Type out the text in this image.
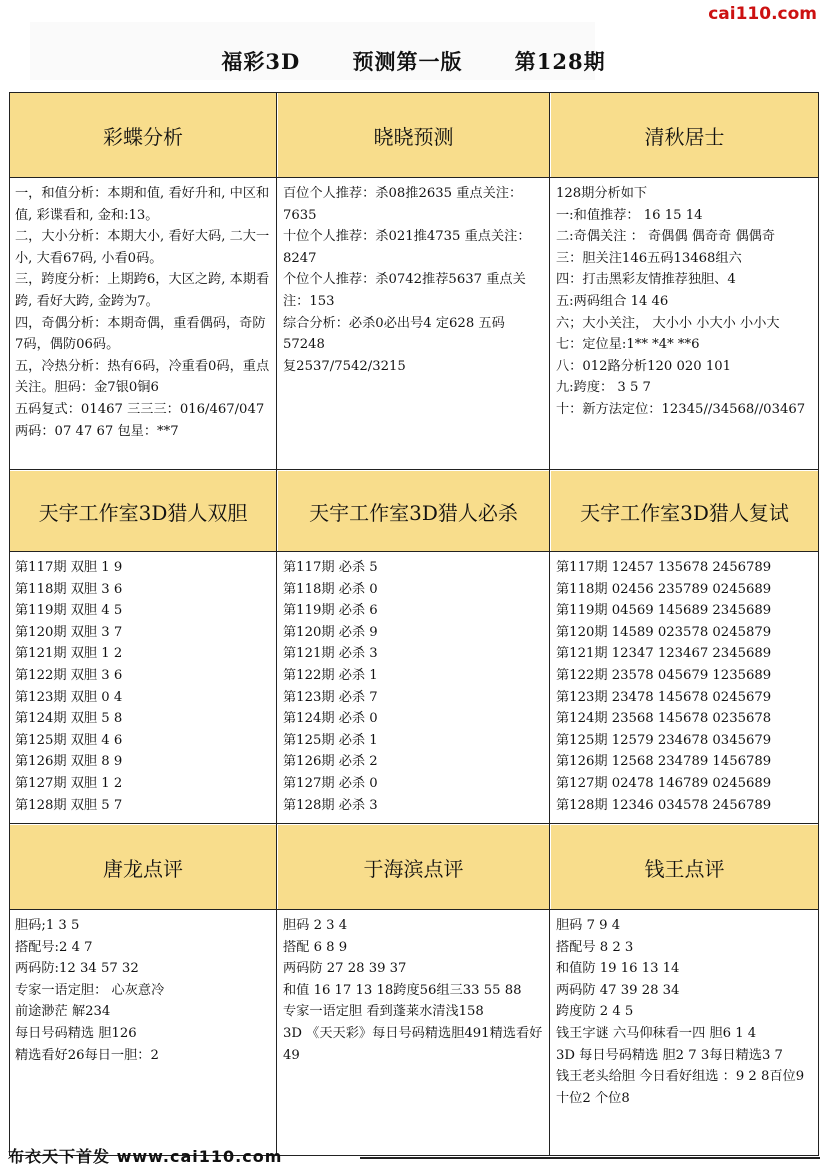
cai110.com
福彩3D 预测第一版 第128期
彩蝶分析
一，和值分析：本期和值, 看好升和, 中区和值, 彩谍看和, 金和:13。
二，大小分析：本期大小, 看好大码, 二大一小, 大看67码, 小看0码。
三，跨度分析：上期跨6，大区之跨, 本期看跨, 看好大跨, 金跨为7。
四，奇偶分析：本期奇偶，重看偶码，奇防7码，偶防06码。
五，冷热分析：热有6码，冷重看0码，重点关注。胆码：金7银0铜6
五码复式：01467 三三三：016/467/047 两码：07 47 67 包星：**7
晓晓预测
百位个人推荐：杀08推2635 重点关注：7635
十位个人推荐：杀021推4735 重点关注：8247
个位个人推荐：杀0742推荐5637 重点关注：153
综合分析：必杀0必出号4 定628 五码57248
复2537/7542/3215
清秋居士
128期分析如下
一:和值推荐： 16 15 14
二:奇偶关注 ： 奇偶偶 偶奇奇 偶偶奇
三：胆关注146五码13468组六
四：打击黑彩友情推荐独胆、4
五:两码组合 14 46
六；大小关注， 大小小 小大小 小小大
七：定位星:1** *4* **6
八：012路分析120 020 101
九:跨度： 3 5 7
十：新方法定位：12345//34568//03467
天宇工作室3D猎人双胆
第117期 双胆 1 9
第118期 双胆 3 6
第119期 双胆 4 5
第120期 双胆 3 7
第121期 双胆 1 2
第122期 双胆 3 6
第123期 双胆 0 4
第124期 双胆 5 8
第125期 双胆 4 6
第126期 双胆 8 9
第127期 双胆 1 2
第128期 双胆 5 7
天宇工作室3D猎人必杀
第117期 必杀 5
第118期 必杀 0
第119期 必杀 6
第120期 必杀 9
第121期 必杀 3
第122期 必杀 1
第123期 必杀 7
第124期 必杀 0
第125期 必杀 1
第126期 必杀 2
第127期 必杀 0
第128期 必杀 3
天宇工作室3D猎人复试
第117期 12457 135678 2456789
第118期 02456 235789 0245689
第119期 04569 145689 2345689
第120期 14589 023578 0245879
第121期 12347 123467 2345689
第122期 23578 045679 1235689
第123期 23478 145678 0245679
第124期 23568 145678 0235678
第125期 12579 234678 0345679
第126期 12568 234789 1456789
第127期 02478 146789 0245689
第128期 12346 034578 2456789
唐龙点评
胆码;1 3 5
搭配号:2 4 7
两码防:12 34 57 32
专家一语定胆： 心灰意冷
前途渺茫 解234
每日号码精选 胆126
精选看好26每日一胆：2
于海滨点评
胆码 2 3 4
搭配 6 8 9
两码防 27 28 39 37
和值 16 17 13 18跨度56组三33 55 88
专家一语定胆 看到蓬莱水清浅158
3D 《天天彩》每日号码精选胆491精选看好49
钱王点评
胆码 7 9 4
搭配号 8 2 3
和值防 19 16 13 14
两码防 47 39 28 34
跨度防 2 4 5
钱王字谜 六马仰秣看一四 胆6 1 4
3D 每日号码精选 胆2 7 3每日精选3 7
钱王老头给胆 今日看好组选 ：9 2 8百位9 十位2 个位8
布衣天下首发 www.cai110.com
